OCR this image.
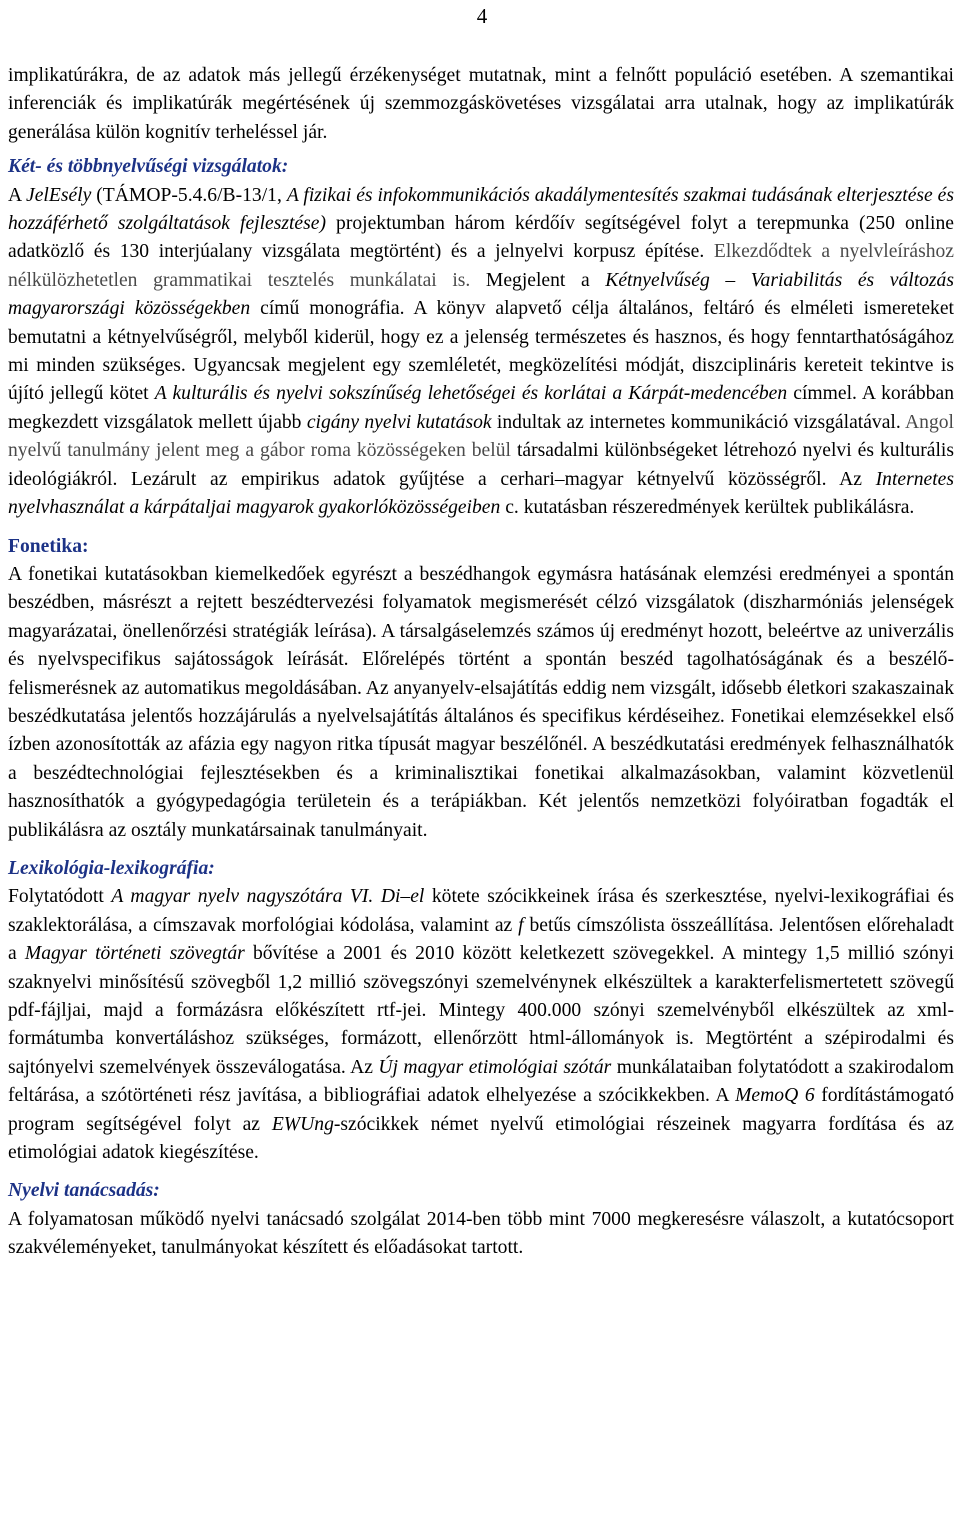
4

implikatúrákra, de az adatok más jellegű érzékenységet mutatnak, mint a felnőtt populáció esetében. A szemantikai inferenciák és implikatúrák megértésének új szemmozgáskövetéses vizsgálatai arra utalnak, hogy az implikatúrák generálása külön kognitív terheléssel jár.

Két- és többnyelvűségi vizsgálatok:

A JelEsély (TÁMOP-5.4.6/B-13/1, A fizikai és infokommunikációs akadálymentesítés szakmai tudásának elterjesztése és hozzáférhető szolgáltatások fejlesztése) projektumban három kérdőív segítségével folyt a terepmunka (250 online adatközlő és 130 interjúalany vizsgálata megtörtént) és a jelnyelvi korpusz építése. Elkezdődtek a nyelvleíráshoz nélkülözhetetlen grammatikai tesztelés munkálatai is. Megjelent a Kétnyelvűség – Variabilitás és változás magyarországi közösségekben című monográfia. A könyv alapvető célja általános, feltáró és elméleti ismereteket bemutatni a kétnyelvűségről, melyből kiderül, hogy ez a jelenség természetes és hasznos, és hogy fenntarthatóságához mi minden szükséges. Ugyancsak megjelent egy szemléletét, megközelítési módját, diszciplináris kereteit tekintve is újító jellegű kötet A kulturális és nyelvi sokszínűség lehetőségei és korlátai a Kárpát-medencében címmel. A korábban megkezdett vizsgálatok mellett újabb cigány nyelvi kutatások indultak az internetes kommunikáció vizsgálatával. Angol nyelvű tanulmány jelent meg a gábor roma közösségeken belül társadalmi különbségeket létrehozó nyelvi és kulturális ideológiákról. Lezárult az empirikus adatok gyűjtése a cerhari–magyar kétnyelvű közösségről. Az Internetes nyelvhasználat a kárpátaljai magyarok gyakorlóközösségeiben c. kutatásban részeredmények kerültek publikálásra.

Fonetika:

A fonetikai kutatásokban kiemelkedőek egyrészt a beszédhangok egymásra hatásának elemzési eredményei a spontán beszédben, másrészt a rejtett beszédtervezési folyamatok megismerését célzó vizsgálatok (diszharmóniás jelenségek magyarázatai, önellenőrzési stratégiák leírása). A társalgáselemzés számos új eredményt hozott, beleértve az univerzális és nyelvspecifikus sajátosságok leírását. Előrelépés történt a spontán beszéd tagolhatóságának és a beszélő-felismerésnek az automatikus megoldásában. Az anyanyelv-elsajátítás eddig nem vizsgált, idősebb életkori szakaszainak beszédkutatása jelentős hozzájárulás a nyelvelsajátítás általános és specifikus kérdéseihez. Fonetikai elemzésekkel első ízben azonosították az afázia egy nagyon ritka típusát magyar beszélőnél. A beszédkutatási eredmények felhasználhatók a beszédtechnológiai fejlesztésekben és a kriminalisztikai fonetikai alkalmazásokban, valamint közvetlenül hasznosíthatók a gyógypedagógia területein és a terápiákban. Két jelentős nemzetközi folyóiratban fogadták el publikálásra az osztály munkatársainak tanulmányait.

Lexikológia-lexikográfia:

Folytatódott A magyar nyelv nagyszótára VI. Di–el kötete szócikkeinek írása és szerkesztése, nyelvi-lexikográfiai és szaklektorálása, a címszavak morfológiai kódolása, valamint az f betűs címszólista összeállítása. Jelentősen előrehaladt a Magyar történeti szövegtár bővítése a 2001 és 2010 között keletkezett szövegekkel. A mintegy 1,5 millió szónyi szaknyelvi minősítésű szövegből 1,2 millió szövegszónyi szemelvénynek elkészültek a karakterfelismertetett szövegű pdf-fájljai, majd a formázásra előkészített rtf-jei. Mintegy 400.000 szónyi szemelvényből elkészültek az xml-formátumba konvertáláshoz szükséges, formázott, ellenőrzött html-állományok is. Megtörtént a szépirodalmi és sajtónyelvi szemelvények összeválogatása. Az Új magyar etimológiai szótár munkálataiban folytatódott a szakirodalom feltárása, a szótörténeti rész javítása, a bibliográfiai adatok elhelyezése a szócikkekben. A MemoQ 6 fordítástámogató program segítségével folyt az EWUng-szócikkek német nyelvű etimológiai részeinek magyarra fordítása és az etimológiai adatok kiegészítése.

Nyelvi tanácsadás:

A folyamatosan működő nyelvi tanácsadó szolgálat 2014-ben több mint 7000 megkeresésre válaszolt, a kutatócsoport szakvéleményeket, tanulmányokat készített és előadásokat tartott.
